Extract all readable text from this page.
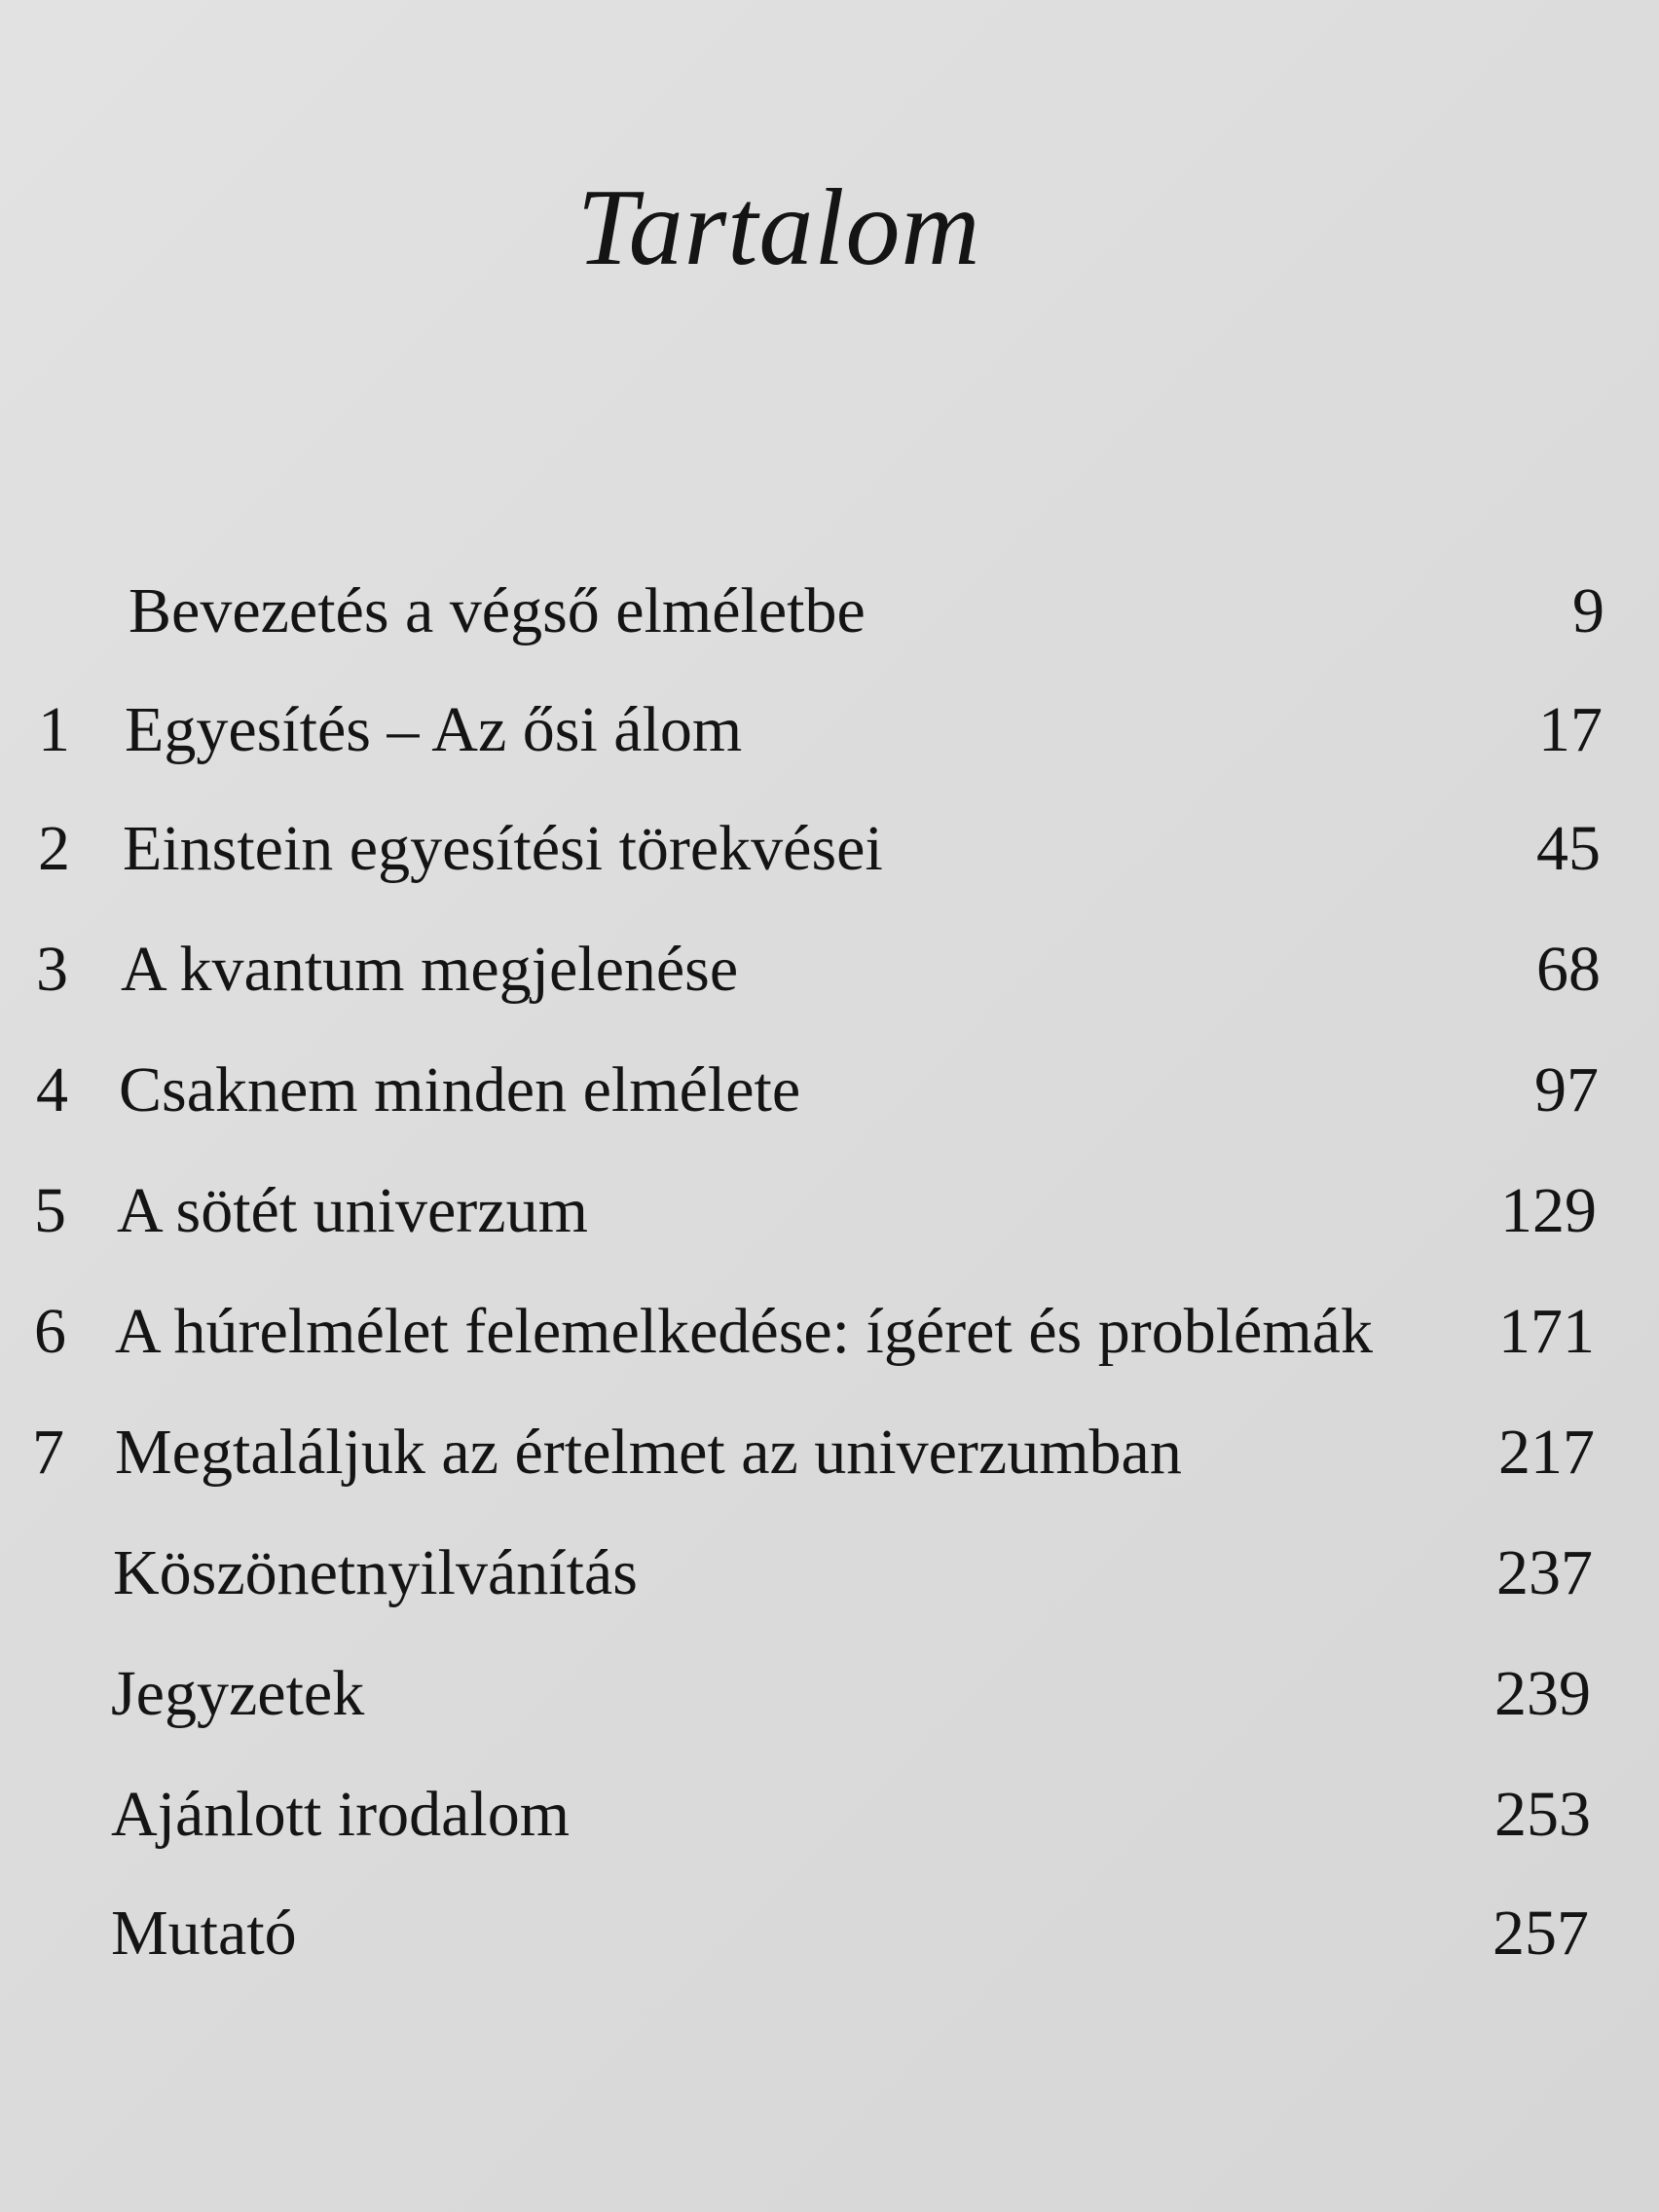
Tartalom
Bevezetés a végső elméletbe	9
1 Egyesítés – Az ősi álom	17
2 Einstein egyesítési törekvései	45
3 A kvantum megjelenése	68
4 Csaknem minden elmélete	97
5 A sötét univerzum	129
6 A húrelmélet felemelkedése: ígéret és problémák	171
7 Megtaláljuk az értelmet az univerzumban	217
Köszönetnyilvánítás	237
Jegyzetek	239
Ajánlott irodalom	253
Mutató	257
